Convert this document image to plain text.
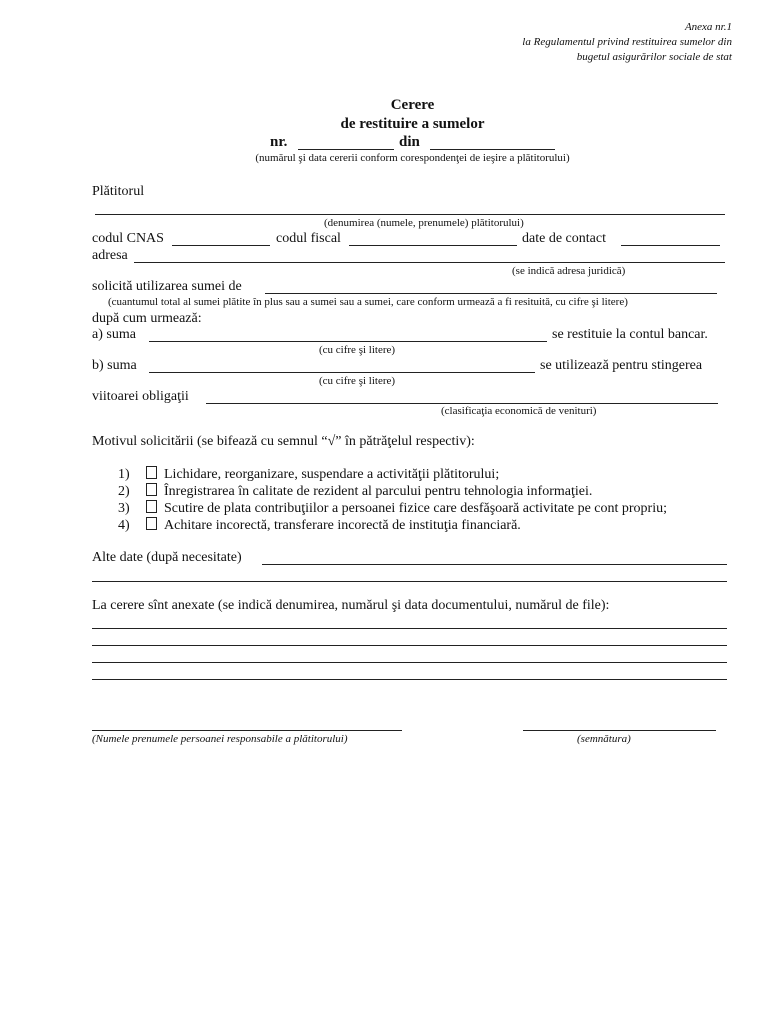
Anexa nr.1
la Regulamentul privind restituirea sumelor din
bugetul asigurărilor sociale de stat
Cerere
de restituire a sumelor
nr.	din
(numărul şi data cererii conform corespondenţei de ieşire a plătitorului)
Plătitorul
(denumirea (numele, prenumele) plătitorului)
codul CNAS	codul fiscal	date de contact
adresa
(se indică adresa juridică)
solicită utilizarea sumei de
(cuantumul total al sumei plătite în plus sau a sumei sau a sumei, care conform urmează a fi resituită, cu cifre şi litere)
după cum urmează:
a) suma	se restituie la contul bancar.
(cu cifre şi litere)
b) suma	se utilizează pentru stingerea
(cu cifre şi litere)
viitoarei obligaţii
(clasificaţia economică de venituri)
Motivul solicitării (se bifează cu semnul “√” în pătrăţelul respectiv):
1) Lichidare, reorganizare, suspendare a activităţii plătitorului;
2) Înregistrarea în calitate de rezident al parcului pentru tehnologia informaţiei.
3) Scutire de plata contribuţiilor a persoanei fizice care desfăşoară activitate pe cont propriu;
4) Achitare incorectă, transferare incorectă de instituţia financiară.
Alte date (după necesitate)
La cerere sînt anexate (se indică denumirea, numărul şi data documentului, numărul de file):
(Numele prenumele persoanei responsabile a plătitorului)	(semnătura)
